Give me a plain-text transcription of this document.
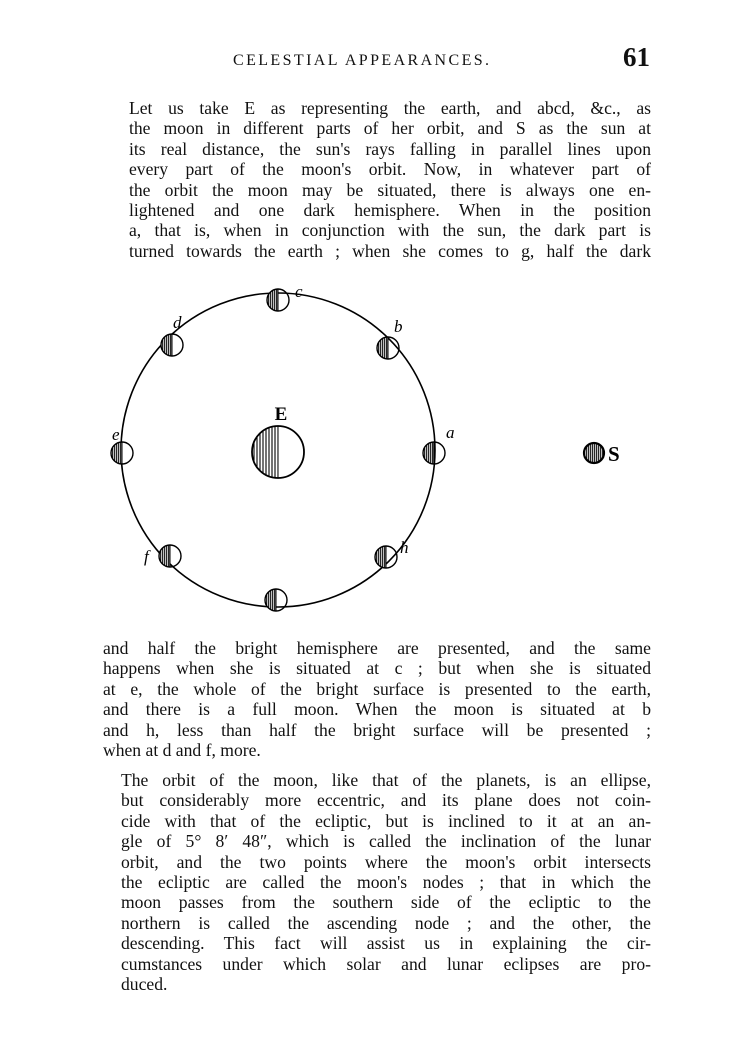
CELESTIAL APPEARANCES.	61
Let us take E as representing the earth, and abcd, &c., as
the moon in different parts of her orbit, and S as the sun at
its real distance, the sun's rays falling in parallel lines upon
every part of the moon's orbit. Now, in whatever part of
the orbit the moon may be situated, there is always one en-
lightened and one dark hemisphere. When in the position
a, that is, when in conjunction with the sun, the dark part is
turned towards the earth ; when she comes to g, half the dark
E
a
b
c
d
e
f	h
S
and half the bright hemisphere are presented, and the same
happens when she is situated at c ; but when she is situated
at e, the whole of the bright surface is presented to the earth,
and there is a full moon. When the moon is situated at b
and h, less than half the bright surface will be presented ;
when at d and f, more.
The orbit of the moon, like that of the planets, is an ellipse,
but considerably more eccentric, and its plane does not coin-
cide with that of the ecliptic, but is inclined to it at an an-
gle of 5° 8′ 48″, which is called the inclination of the lunar
orbit, and the two points where the moon's orbit intersects
the ecliptic are called the moon's nodes ; that in which the
moon passes from the southern side of the ecliptic to the
northern is called the ascending node ; and the other, the
descending. This fact will assist us in explaining the cir-
cumstances under which solar and lunar eclipses are pro-
duced.
